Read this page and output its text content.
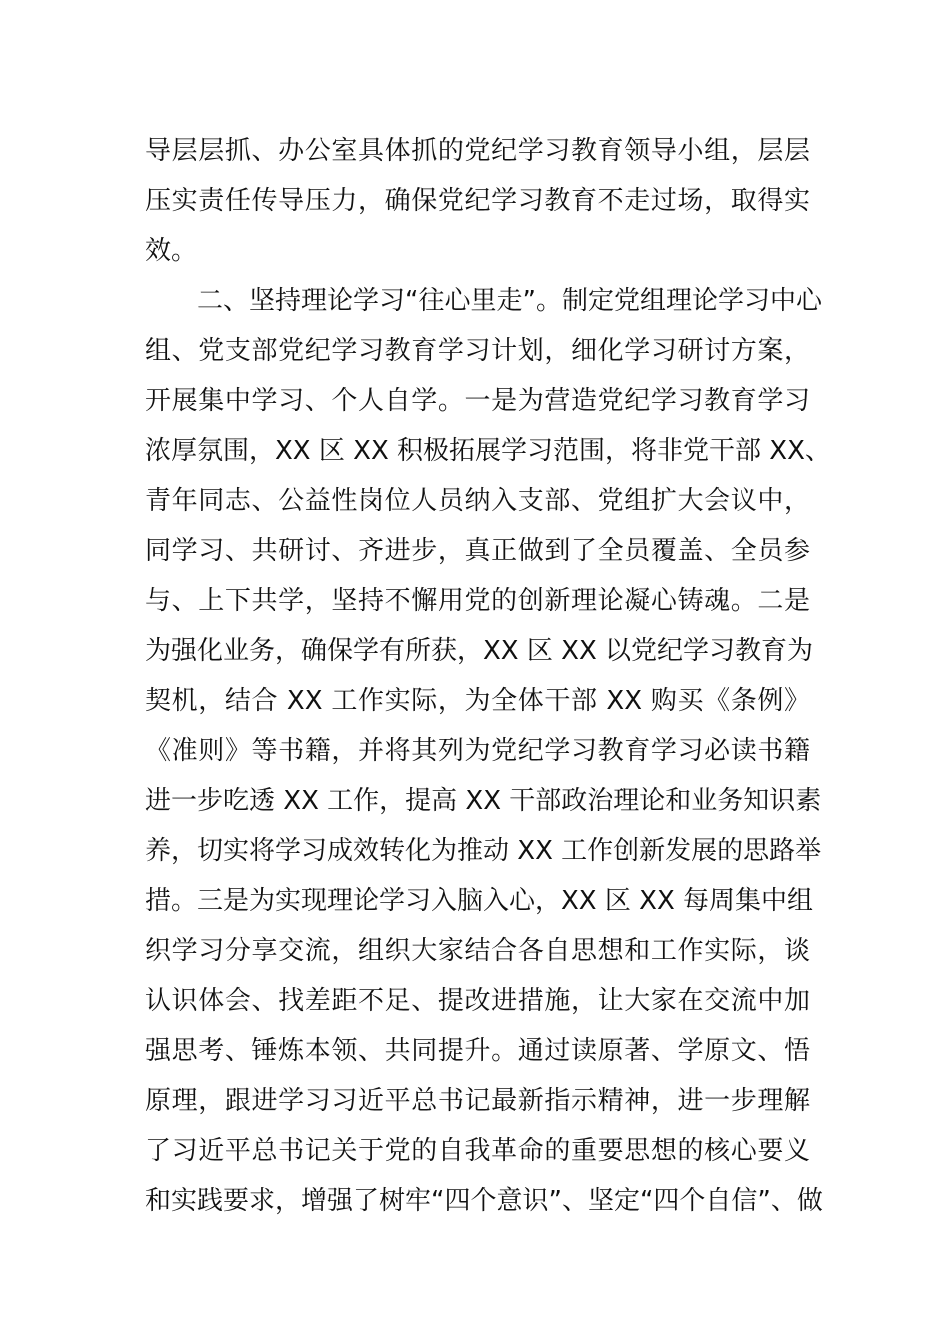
导层层抓、办公室具体抓的党纪学习教育领导小组，层层
压实责任传导压力，确保党纪学习教育不走过场，取得实
效。
二、坚持理论学习“往心里走”。制定党组理论学习中心
组、党支部党纪学习教育学习计划，细化学习研讨方案，
开展集中学习、个人自学。一是为营造党纪学习教育学习
浓厚氛围，XX 区 XX 积极拓展学习范围，将非党干部 XX、
青年同志、公益性岗位人员纳入支部、党组扩大会议中，
同学习、共研讨、齐进步，真正做到了全员覆盖、全员参
与、上下共学，坚持不懈用党的创新理论凝心铸魂。二是
为强化业务，确保学有所获，XX 区 XX 以党纪学习教育为
契机，结合 XX 工作实际，为全体干部 XX 购买《条例》
《准则》等书籍，并将其列为党纪学习教育学习必读书籍
进一步吃透 XX 工作，提高 XX 干部政治理论和业务知识素
养，切实将学习成效转化为推动 XX 工作创新发展的思路举
措。三是为实现理论学习入脑入心，XX 区 XX 每周集中组
织学习分享交流，组织大家结合各自思想和工作实际，谈
认识体会、找差距不足、提改进措施，让大家在交流中加
强思考、锤炼本领、共同提升。通过读原著、学原文、悟
原理，跟进学习习近平总书记最新指示精神，进一步理解
了习近平总书记关于党的自我革命的重要思想的核心要义
和实践要求，增强了树牢“四个意识”、坚定“四个自信”、做
